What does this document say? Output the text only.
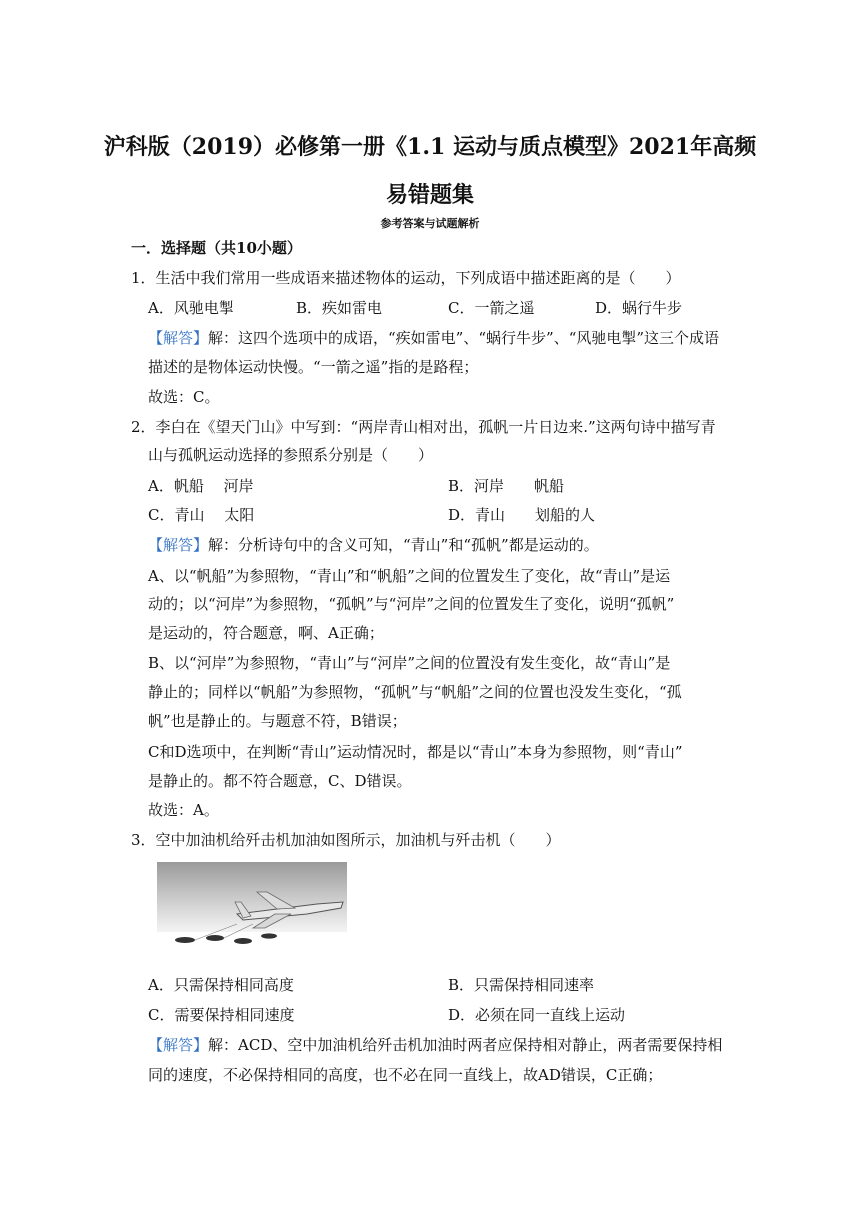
沪科版（2019）必修第一册《1.1 运动与质点模型》2021年高频
易错题集
参考答案与试题解析
一．选择题（共10小题）
1．生活中我们常用一些成语来描述物体的运动，下列成语中描述距离的是（　　）
A．风驰电掣	B．疾如雷电	C．一箭之遥	D．蜗行牛步
【解答】解：这四个选项中的成语，“疾如雷电”、“蜗行牛步”、“风驰电掣”这三个成语
描述的是物体运动快慢。“一箭之遥”指的是路程；
故选：C。
2．李白在《望天门山》中写到：“两岸青山相对出，孤帆一片日边来.”这两句诗中描写青
山与孤帆运动选择的参照系分别是（　　）
A．帆船　 河岸	B．河岸　　帆船
C．青山　 太阳	D．青山　　划船的人
【解答】解：分析诗句中的含义可知，“青山”和“孤帆”都是运动的。
A、以“帆船”为参照物，“青山”和“帆船”之间的位置发生了变化，故“青山”是运
动的；以“河岸”为参照物，“孤帆”与“河岸”之间的位置发生了变化，说明“孤帆”
是运动的，符合题意，啊、A正确；
B、以“河岸”为参照物，“青山”与“河岸”之间的位置没有发生变化，故“青山”是
静止的；同样以“帆船”为参照物，“孤帆”与“帆船”之间的位置也没发生变化，“孤
帆”也是静止的。与题意不符，B错误；
C和D选项中，在判断“青山”运动情况时，都是以“青山”本身为参照物，则“青山”
是静止的。都不符合题意，C、D错误。
故选：A。
3．空中加油机给歼击机加油如图所示，加油机与歼击机（　　）
A．只需保持相同高度	B．只需保持相同速率
C．需要保持相同速度	D．必须在同一直线上运动
【解答】解：ACD、空中加油机给歼击机加油时两者应保持相对静止，两者需要保持相
同的速度，不必保持相同的高度，也不必在同一直线上，故AD错误，C正确；
